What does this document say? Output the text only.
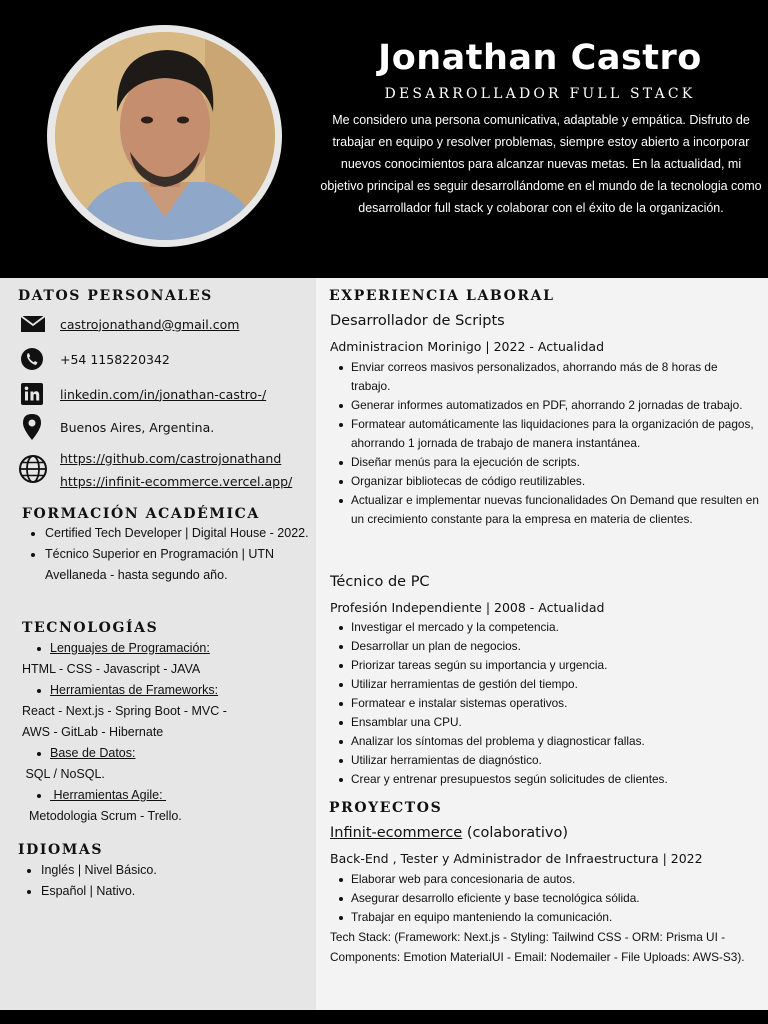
Jonathan Castro
DESARROLLADOR FULL STACK
Me considero una persona comunicativa, adaptable y empática. Disfruto de trabajar en equipo y resolver problemas, siempre estoy abierto a incorporar nuevos conocimientos para alcanzar nuevas metas. En la actualidad, mi objetivo principal es seguir desarrollándome en el mundo de la tecnologia como desarrollador full stack y colaborar con el éxito de la organización.
DATOS PERSONALES
castrojonathand@gmail.com
+54 1158220342
linkedin.com/in/jonathan-castro-/
Buenos Aires, Argentina.
https://github.com/castrojonathand
https://infinit-ecommerce.vercel.app/
FORMACIÓN ACADÉMICA
Certified Tech Developer | Digital House - 2022.
Técnico Superior en Programación | UTN Avellaneda - hasta segundo año.
TECNOLOGÍAS
Lenguajes de Programación:
HTML - CSS - Javascript - JAVA
Herramientas de Frameworks:
React - Next.js - Spring Boot - MVC - AWS - GitLab - Hibernate
Base de Datos:
SQL / NoSQL.
Herramientas Agile:
Metodologia Scrum - Trello.
IDIOMAS
Inglés | Nivel Básico.
Español | Nativo.
EXPERIENCIA LABORAL
Desarrollador de Scripts
Administracion Morinigo | 2022 - Actualidad
Enviar correos masivos personalizados, ahorrando más de 8 horas de trabajo.
Generar informes automatizados en PDF, ahorrando 2 jornadas de trabajo.
Formatear automáticamente las liquidaciones para la organización de pagos, ahorrando 1 jornada de trabajo de manera instantánea.
Diseñar menús para la ejecución de scripts.
Organizar bibliotecas de código reutilizables.
Actualizar e implementar nuevas funcionalidades On Demand que resulten en un crecimiento constante para la empresa en materia de clientes.
Técnico de PC
Profesión Independiente | 2008 - Actualidad
Investigar el mercado y la competencia.
Desarrollar un plan de negocios.
Priorizar tareas según su importancia y urgencia.
Utilizar herramientas de gestión del tiempo.
Formatear e instalar sistemas operativos.
Ensamblar una CPU.
Analizar los síntomas del problema y diagnosticar fallas.
Utilizar herramientas de diagnóstico.
Crear y entrenar presupuestos según solicitudes de clientes.
PROYECTOS
Infinit-ecommerce (colaborativo)
Back-End , Tester y Administrador de Infraestructura | 2022
Elaborar web para concesionaria de autos.
Asegurar desarrollo eficiente y base tecnológica sólida.
Trabajar en equipo manteniendo la comunicación.
Tech Stack: (Framework: Next.js - Styling: Tailwind CSS - ORM: Prisma UI - Components: Emotion MaterialUI - Email: Nodemailer - File Uploads: AWS-S3).
